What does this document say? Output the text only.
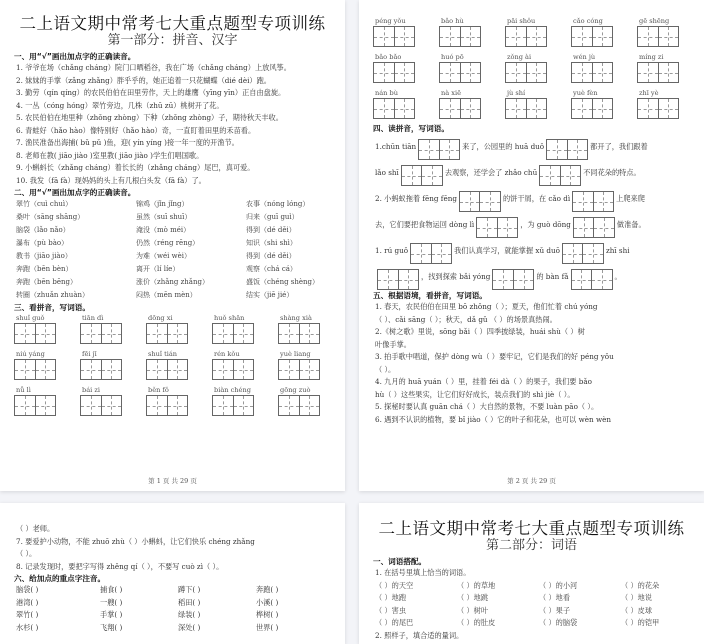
二上语文期中常考七大重点题型专项训练
第一部分：拼音、汉字
一、用“√”画出加点字的正确读音。
1. 爷爷在场（chǎng cháng）院门口晒稻谷，我在广场（chǎng cháng）上放风筝。
2. 妹妹的手掌（zǎng zhǎng）胖乎乎的，她正追着一只花蝴蝶（dié dèi）跑。
3. 勤劳（qín qíng）的农民伯伯在田里劳作，天上的雄鹰（yīng yīn）正自由盘旋。
4. 一丛（cóng hóng）翠竹旁边，几株（zhū zū）桃树开了花。
5. 农民伯伯在地里种（zhǒng zhòng）下种（zhǒng zhòng）子，期待秋天丰收。
6. 青蛙好（hǎo hào）像特别好（hǎo hào）奇，一直盯着田里的禾苗看。
7. 渔民准备出海捕( bǔ pǔ )鱼，迎( yín yíng )接一年一度的开渔节。
8. 老师在教( jiāo jiào )室里教( jiāo jiào )学生们唱国歌。
9. 小蝌蚪长（zhǎng cháng）着长长的（zhǎng cháng）尾巴，真可爱。
10. 我发（fā fà）现妈妈的头上有几根白头发（fā fà）了。
二、用“√”画出加点字的正确读音。
翠竹（cuì chuì）	锦鸡（jǐn jǐng）	农事（nóng lóng）
桑叶（sāng shāng）	虽然（suī shuī）	归来（guī guì）
脑袋（lǎo nǎo）	淹没（mò méi）	得到（dé děi）
瀑布（pù bào）	仍然（réng rēng）	知识（shi shì）
教书（jiāo jiào）	为难（wéi wèi）	得到（dé děi）
奔跑（bēn bèn）	离开（lí líe）	观察（chá cá）
奔跑（bēn bēng）	涨价（zhǎng zhǎng）	盛饭（chéng shèng）
转圈（zhuǎn zhuàn）	闷热（mēn mèn）	结实（jiē jié）
三、看拼音，写词语。
shuǐ guǒ	tiān dì	dōng xi	huǒ shān	shàng xià
niú yáng	fēi jī	shuǐ tián	rén kǒu	yuè liang
nǚ lì	bái zi	běn fǒ	biàn chéng	gōng zuò
第 1 页 共 29 页
péng yǒu	bǎo hù	pāi shǒu	cǎo cóng	gē shēng
bǎo bǎo	huó pō	zǒng ài	wén jù	míng zi
nán bù	nà xiē	jù shí	yuè fèn	zhī yè
四、读拼音，写词语。
1.chūn tiān	来了，公园里的 huā duǒ	都开了，我们跟着
lǎo shī	去观察，还学会了 zhǎo chū	不同花朵的特点。
2. 小蚂蚁拖着 fēng fēng	的饼干屑，在 cǎo dì	上爬来爬
去，它们要把食物运回 dòng lì	，为 guò dōng	做准备。
1. rú guǒ	我们认真学习，就能掌握 xǔ duō	zhī shi
，找到探索 bǎi yóng	的 bàn fǎ	。
五、根据语境，看拼音，写词语。
1. 春天，农民伯伯在田里 bō zhǒng（ ）；夏天，他们忙着 chú yóng
（ ）、cǎi sāng（ ）；秋天，dǎ gǔ （ ）的场景真热闹。
2.《树之歌》里说，sōng bǎi（ ）四季披绿装，huái shù（ ）树
叶像手掌。
3. 拍手歌中唱道，保护 dòng wù（ ）要牢记，它们是我们的好 péng yǒu
（ ）。
4. 九月的 huā yuán（ ）里，挂着 féi dà（ ）的果子，我们要 bǎo
hù（ ）这些果实，让它们好好成长，装点我们的 shì jiè（ ）。
5. 探秘时要认真 guān chá（ ）大自然的景物，不要 luàn pāo（ ）。
6. 遇到不认识的植物，要 bǐ jiào（ ）它的叶子和花朵，也可以 wèn wèn
第 2 页 共 29 页
（ ）老师。
7. 要爱护小动物，不能 zhuō zhù（ ）小蝌蚪，让它们快乐 chéng zhǎng
（ ）。
8. 记录发现时，要把字写得 zhěng qí（ ），不要写 cuò zì（ ）。
六、给加点的重点字注音。
脑袋( )	捕食( )	蹲下( )	奔跑( )
港湾( )	一艘( )	稻田( )	小溪( )
翠竹( )	手掌( )	绿装( )	桦树( )
水杉( )	飞翔( )	深处( )	世界( )
二上语文期中常考七大重点题型专项训练
第二部分：词语
一、词语搭配。
1. 在括号里填上恰当的词语。
（ ）的天空	（ ）的草地	（ ）的小河	（ ）的花朵
（ ）地跑	（ ）地跳	（ ）地看	（ ）地说
（ ）害虫	（ ）树叶	（ ）果子	（ ）皮球
（ ）的尾巴	（ ）的肚皮	（ ）的脑袋	（ ）的铠甲
2. 照样子，填合适的量词。
